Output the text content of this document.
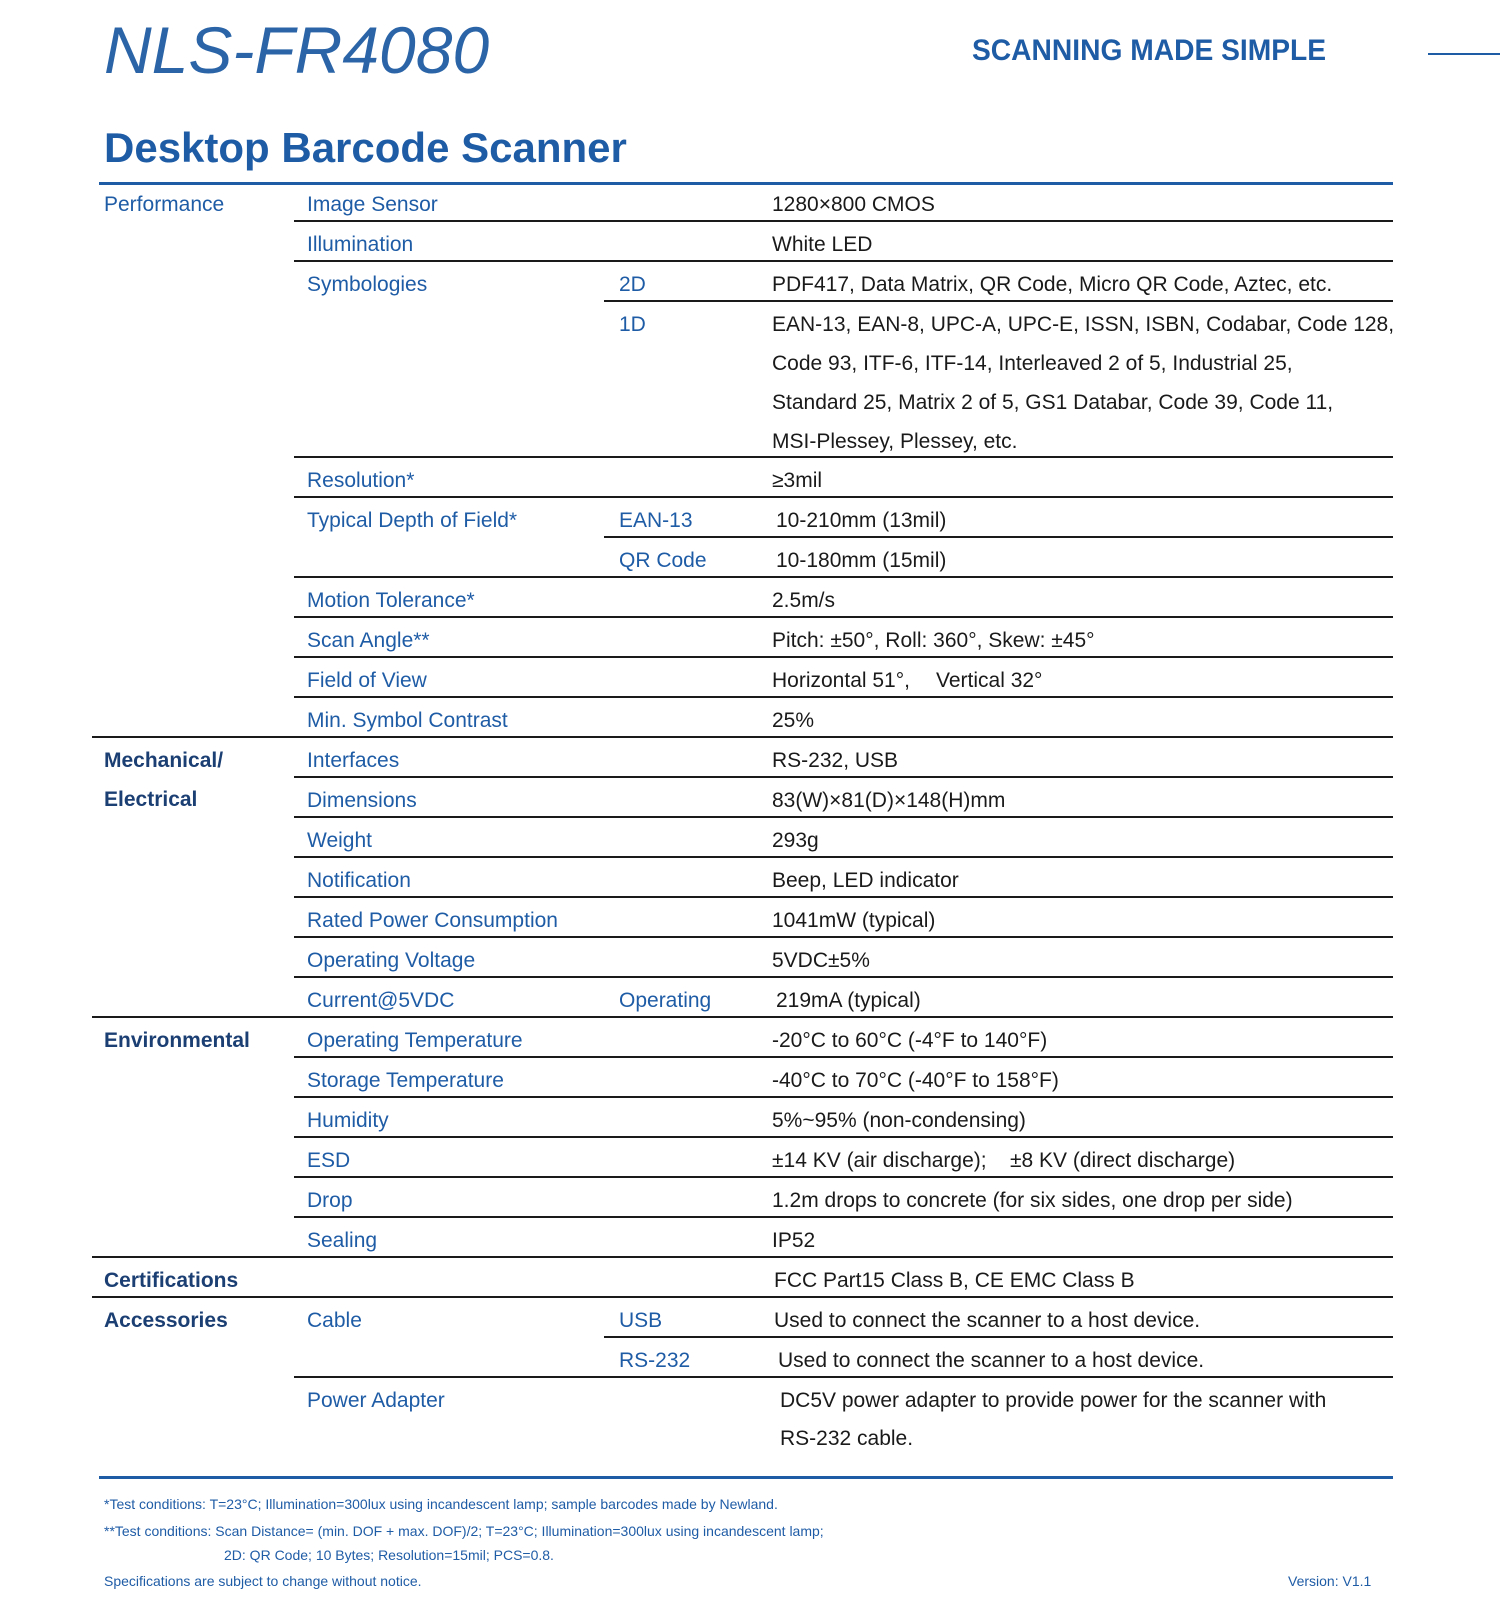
NLS-FR4080	SCANNING MADE SIMPLE
Desktop Barcode Scanner
Performance	Image Sensor	1280×800 CMOS
Illumination	White LED
Symbologies	2D	PDF417, Data Matrix, QR Code, Micro QR Code, Aztec, etc.
1D	EAN-13, EAN-8, UPC-A, UPC-E, ISSN, ISBN, Codabar, Code 128,
Code 93, ITF-6, ITF-14, Interleaved 2 of 5, Industrial 25,
Standard 25, Matrix 2 of 5, GS1 Databar, Code 39, Code 11,
MSI-Plessey, Plessey, etc.
Resolution*	≥3mil
Typical Depth of Field*	EAN-13	10-210mm (13mil)
QR Code	10-180mm (15mil)
Motion Tolerance*	2.5m/s
Scan Angle**	Pitch: ±50°, Roll: 360°, Skew: ±45°
Field of View	Horizontal 51°, Vertical 32°
Min. Symbol Contrast	25%
Mechanical/
Electrical
Interfaces	RS-232, USB
Dimensions	83(W)×81(D)×148(H)mm
Weight	293g
Notification	Beep, LED indicator
Rated Power Consumption	1041mW (typical)
Operating Voltage	5VDC±5%
Current@5VDC	Operating	219mA (typical)
Environmental	Operating Temperature	-20°C to 60°C (-4°F to 140°F)
Storage Temperature	-40°C to 70°C (-40°F to 158°F)
Humidity	5%~95% (non-condensing)
ESD	±14 KV (air discharge); ±8 KV (direct discharge)
Drop	1.2m drops to concrete (for six sides, one drop per side)
Sealing	IP52
Certifications	FCC Part15 Class B, CE EMC Class B
Accessories	Cable	USB	Used to connect the scanner to a host device.
RS-232	Used to connect the scanner to a host device.
Power Adapter	DC5V power adapter to provide power for the scanner with
RS-232 cable.
*Test conditions: T=23°C; Illumination=300lux using incandescent lamp; sample barcodes made by Newland.
**Test conditions: Scan Distance= (min. DOF + max. DOF)/2; T=23°C; Illumination=300lux using incandescent lamp;
2D: QR Code; 10 Bytes; Resolution=15mil; PCS=0.8.
Specifications are subject to change without notice.	Version: V1.1
